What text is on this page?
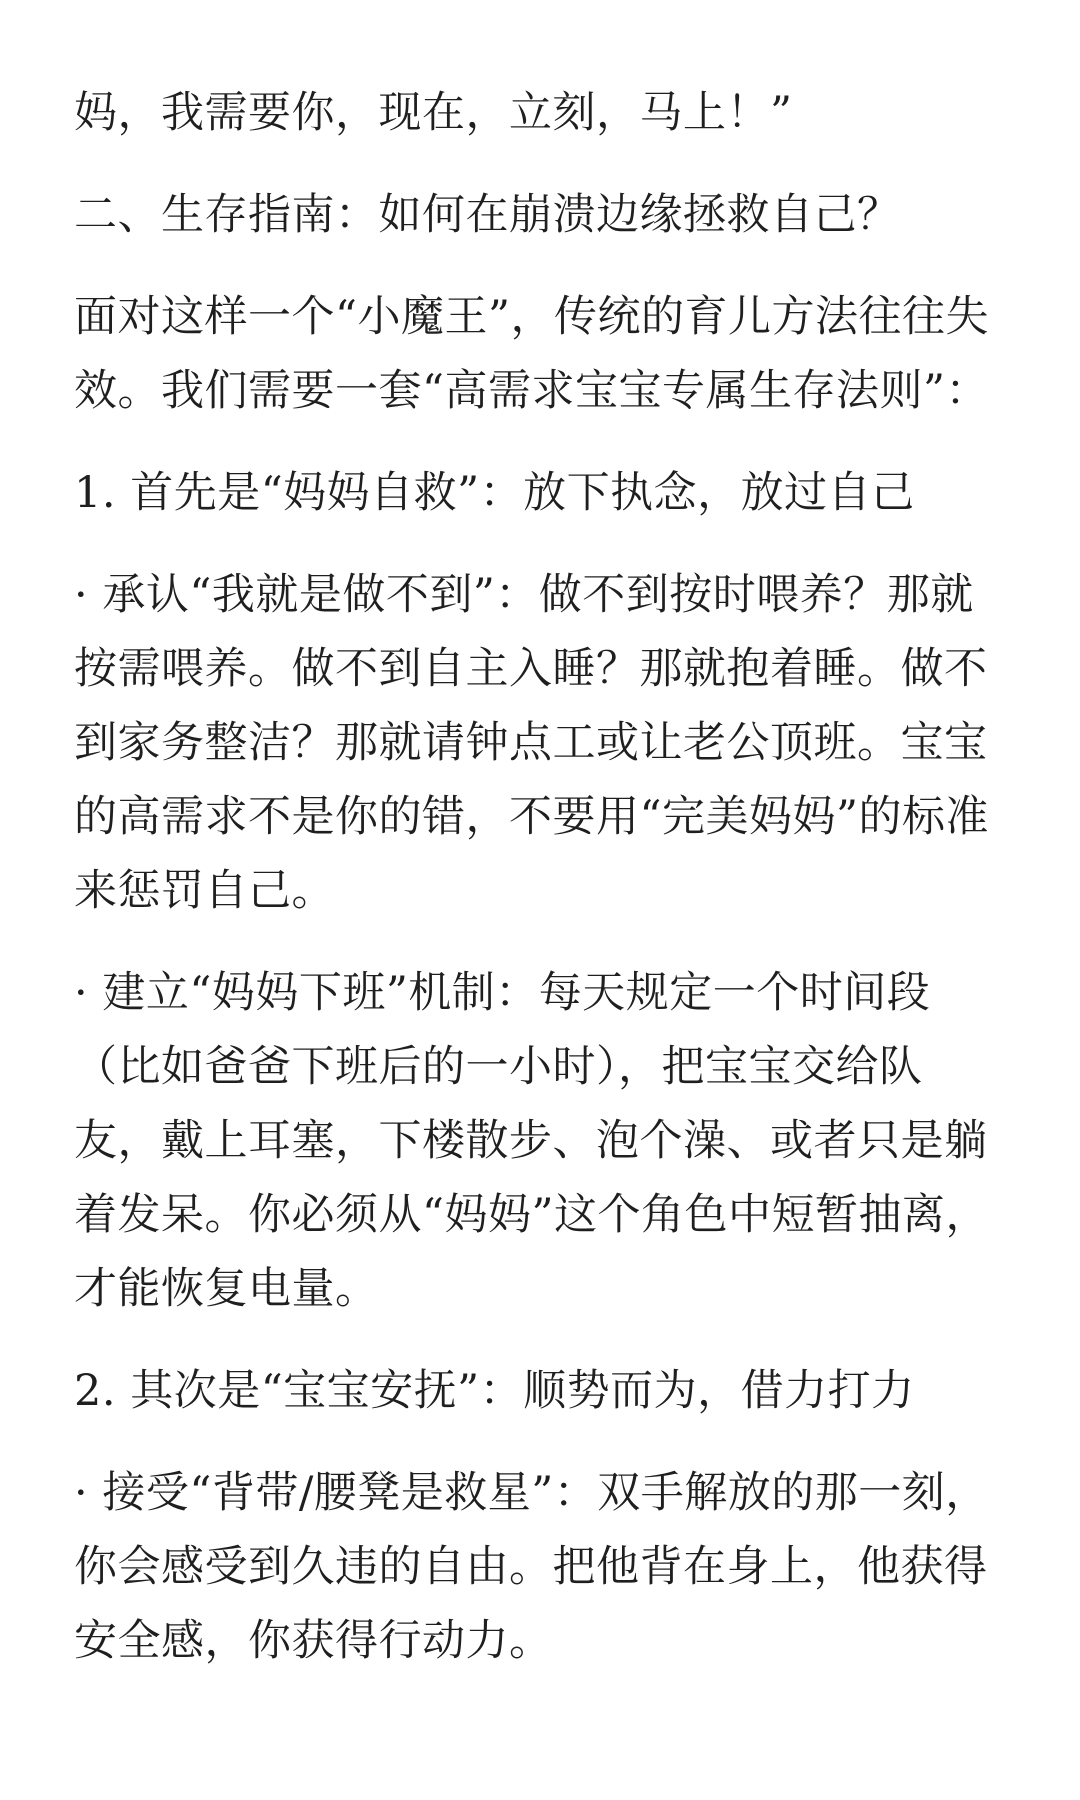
妈，我需要你，现在，立刻，马上！”

二、生存指南：如何在崩溃边缘拯救自己？

面对这样一个“小魔王”，传统的育儿方法往往失效。我们需要一套“高需求宝宝专属生存法则”：

1. 首先是“妈妈自救”：放下执念，放过自己

· 承认“我就是做不到”：做不到按时喂养？那就按需喂养。做不到自主入睡？那就抱着睡。做不到家务整洁？那就请钟点工或让老公顶班。宝宝的高需求不是你的错，不要用“完美妈妈”的标准来惩罚自己。

· 建立“妈妈下班”机制：每天规定一个时间段（比如爸爸下班后的一小时），把宝宝交给队友，戴上耳塞，下楼散步、泡个澡、或者只是躺着发呆。你必须从“妈妈”这个角色中短暂抽离，才能恢复电量。

2. 其次是“宝宝安抚”：顺势而为，借力打力

· 接受“背带/腰凳是救星”：双手解放的那一刻，你会感受到久违的自由。把他背在身上，他获得安全感，你获得行动力。
